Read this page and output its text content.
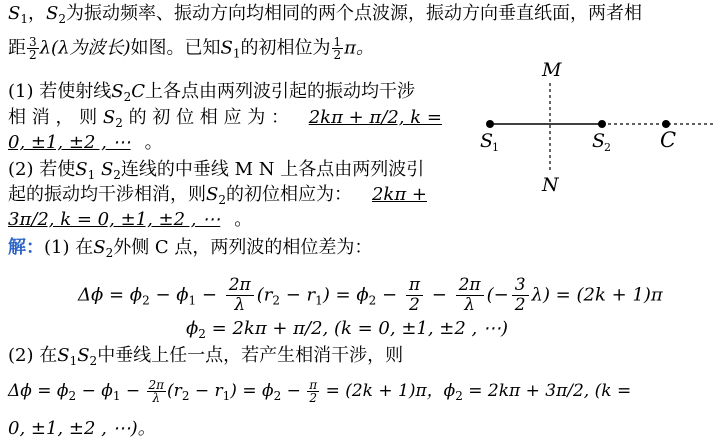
$S_1$，$S_2$为振动频率、振动方向均相同的两个点波源，振动方向垂直纸面，两者相
距 $\frac{3}{2} \lambda(\lambda$为波长)如图。已知$S_1$的初相位为 $\frac{1}{2}$ π。
(1) 若使射线$S_2C$上各点由两列波引起的振动均干涉
相 消 ， 则 $S_2$ 的 初 位 相 应 为 ： 2kπ + π/2, k =
0, ±1, ±2 , ⋯ 。
(2) 若使$S_1$ $S_2$连线的中垂线 M N 上各点由两列波引
起的振动均干涉相消，则$S_2$的初位相应为： 2kπ +
3π/2, k = 0, ±1, ±2 , ⋯ 。
解：(1) 在$S_2$外侧 C 点，两列波的相位差为：
$\Delta\phi = \phi_2 - \phi_1 - \frac{2\pi}{\lambda} (r_2 - r_1) = \phi_2 - \frac{\pi}{2} - \frac{2\pi}{\lambda}$ (− $\frac{3}{2} \lambda) = (2k + 1)\pi$
$\phi_2 = 2k\pi + \pi/2$, (k = 0, ±1, ±2 , ⋯)
(2) 在$S_1S_2$中垂线上任一点，若产生相消干涉，则
$\Delta\phi = \phi_2 - \phi_1 - \frac{2\pi}{\lambda} (r_2 - r_1) = \phi_2 - \frac{\pi}{2} = (2k + 1)\pi$，$\phi_2 = 2k\pi + 3\pi/2$, (k =
0, ±1, ±2 , ⋯)。
M
N
S
1	S
2 C
